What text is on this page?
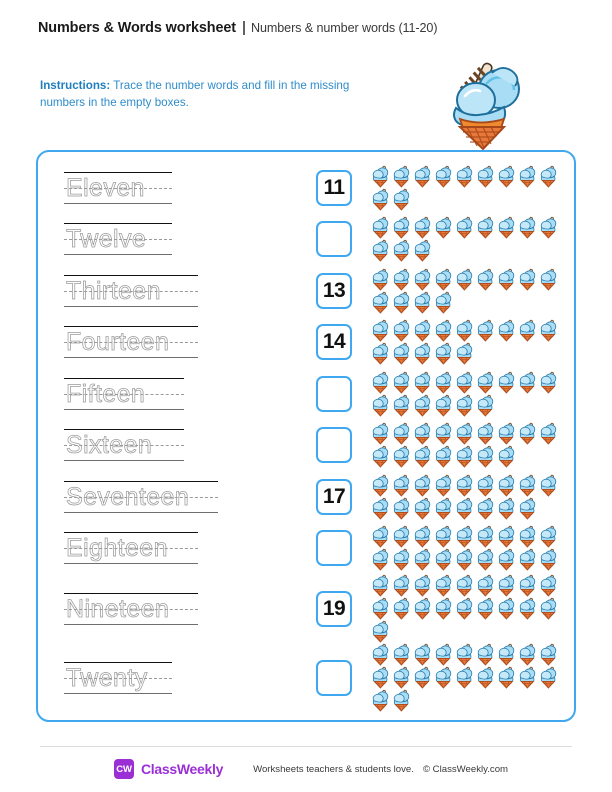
Numbers & Words worksheet | Numbers & number words (11-20)
Instructions: Trace the number words and fill in the missing numbers in the empty boxes.
Eleven	11
Twelve
Thirteen	13
Fourteen	14
Fifteen
Sixteen
Seventeen	17
Eighteen
Nineteen	19
Twenty
CW ClassWeekly	Worksheets teachers & students love. © ClassWeekly.com
